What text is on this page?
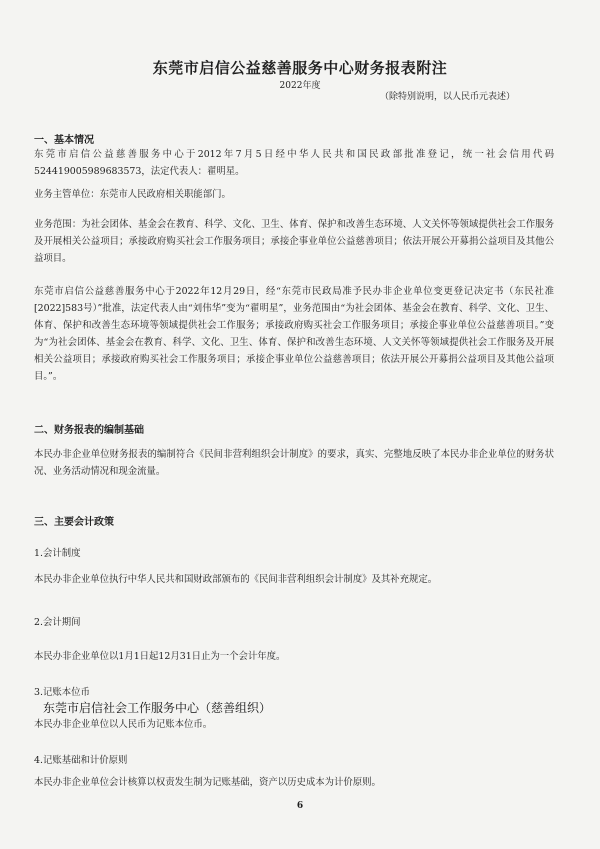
东莞市启信公益慈善服务中心财务报表附注
2022年度
（除特别说明，以人民币元表述）
一、基本情况

东莞市启信公益慈善服务中心于2012年7月5日经中华人民共和国民政部批准登记，统一社会信用代码524419005989683573，法定代表人：翟明星。

业务主管单位：东莞市人民政府相关职能部门。

业务范围：为社会团体、基金会在教育、科学、文化、卫生、体育、保护和改善生态环境、人文关怀等领域提供社会工作服务及开展相关公益项目；承接政府购买社会工作服务项目；承接企事业单位公益慈善项目；依法开展公开募捐公益项目及其他公益项目。

东莞市启信公益慈善服务中心于2022年12月29日，经“东莞市民政局准予民办非企业单位变更登记决定书（东民社准[2022]583号）”批准，法定代表人由“刘伟华”变为“翟明星”，业务范围由“为社会团体、基金会在教育、科学、文化、卫生、体育、保护和改善生态环境等领域提供社会工作服务；承接政府购买社会工作服务项目；承接企事业单位公益慈善项目。”变为“为社会团体、基金会在教育、科学、文化、卫生、体育、保护和改善生态环境、人文关怀等领域提供社会工作服务及开展相关公益项目；承接政府购买社会工作服务项目；承接企事业单位公益慈善项目；依法开展公开募捐公益项目及其他公益项目。”。

二、财务报表的编制基础

本民办非企业单位财务报表的编制符合《民间非营利组织会计制度》的要求，真实、完整地反映了本民办非企业单位的财务状况、业务活动情况和现金流量。

三、主要会计政策
1.会计制度

本民办非企业单位执行中华人民共和国财政部颁布的《民间非营利组织会计制度》及其补充规定。

2.会计期间

本民办非企业单位以1月1日起12月31日止为一个会计年度。

3.记账本位币

本民办非企业单位以人民币为记账本位币。

4.记账基础和计价原则

本民办非企业单位会计核算以权责发生制为记账基础，资产以历史成本为计价原则。

东莞市启信社会工作服务中心（慈善组织）
6
